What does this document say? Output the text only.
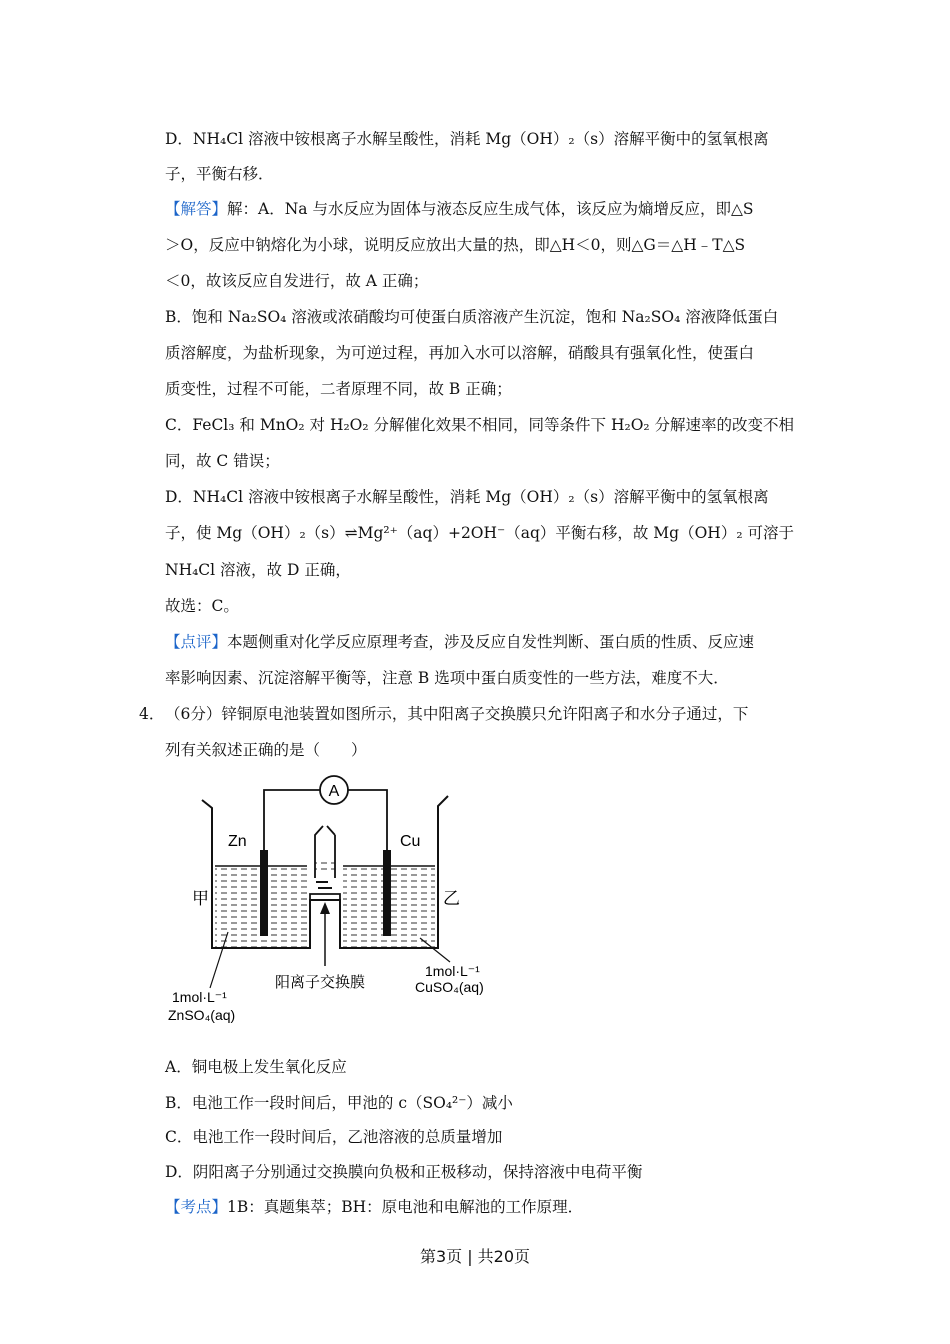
D．NH₄Cl 溶液中铵根离子水解呈酸性，消耗 Mg（OH）₂（s）溶解平衡中的氢氧根离
子，平衡右移．
【解答】解：A．Na 与水反应为固体与液态反应生成气体，该反应为熵增反应，即△S
＞O，反应中钠熔化为小球，说明反应放出大量的热，即△H＜0，则△G＝△H﹣T△S
＜0，故该反应自发进行，故 A 正确；
B．饱和 Na₂SO₄ 溶液或浓硝酸均可使蛋白质溶液产生沉淀，饱和 Na₂SO₄ 溶液降低蛋白
质溶解度，为盐析现象，为可逆过程，再加入水可以溶解，硝酸具有强氧化性，使蛋白
质变性，过程不可能，二者原理不同，故 B 正确；
C．FeCl₃ 和 MnO₂ 对 H₂O₂ 分解催化效果不相同，同等条件下 H₂O₂ 分解速率的改变不相
同，故 C 错误；
D．NH₄Cl 溶液中铵根离子水解呈酸性，消耗 Mg（OH）₂（s）溶解平衡中的氢氧根离
子，使 Mg（OH）₂（s）⇌Mg²⁺（aq）+2OH⁻（aq）平衡右移，故 Mg（OH）₂ 可溶于
NH₄Cl 溶液，故 D 正确，
故选：C。
【点评】本题侧重对化学反应原理考查，涉及反应自发性判断、蛋白质的性质、反应速
率影响因素、沉淀溶解平衡等，注意 B 选项中蛋白质变性的一些方法，难度不大．
4．（6分）锌铜原电池装置如图所示，其中阳离子交换膜只允许阳离子和水分子通过，下
列有关叙述正确的是（　　）
A
Zn	Cu
甲	乙
阳离子交换膜
1mol·L⁻¹
ZnSO₄(aq)
1mol·L⁻¹
CuSO₄(aq)
A．铜电极上发生氧化反应
B．电池工作一段时间后，甲池的 c（SO₄²⁻）减小
C．电池工作一段时间后，乙池溶液的总质量增加
D．阴阳离子分别通过交换膜向负极和正极移动，保持溶液中电荷平衡
【考点】1B：真题集萃；BH：原电池和电解池的工作原理．
第3页 | 共20页
